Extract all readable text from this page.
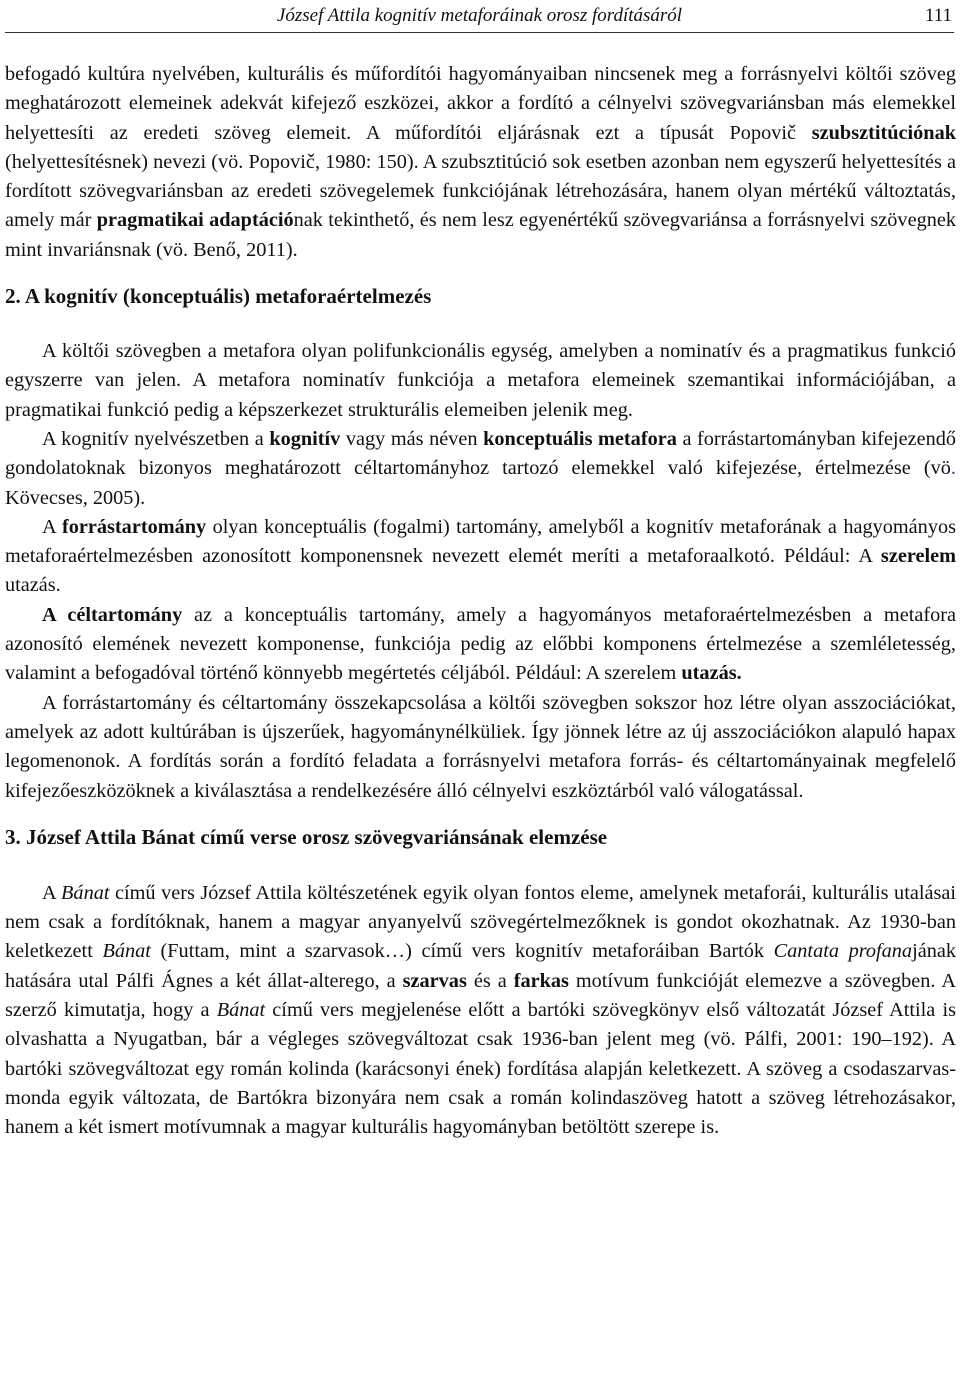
József Attila kognitív metaforáinak orosz fordításáról	111

befogadó kultúra nyelvében, kulturális és műfordítói hagyományaiban nincsenek meg a forrásnyelvi költői szöveg meghatározott elemeinek adekvát kifejező eszközei, akkor a fordító a célnyelvi szövegvariánsban más elemekkel helyettesíti az eredeti szöveg elemeit. A műfordítói eljárásnak ezt a típusát Popovič szubsztitúciónak (helyettesítésnek) nevezi (vö. Popovič, 1980: 150). A szubsztitúció sok esetben azonban nem egyszerű helyettesítés a fordított szövegvariánsban az eredeti szövegelemek funkciójának létrehozására, hanem olyan mértékű változtatás, amely már pragmatikai adaptációnak tekinthető, és nem lesz egyenértékű szövegvariánsa a forrásnyelvi szövegnek mint invariánsnak (vö. Benő, 2011).

2. A kognitív (konceptuális) metaforaértelmezés

A költői szövegben a metafora olyan polifunkcionális egység, amelyben a nominatív és a pragmatikus funkció egyszerre van jelen. A metafora nominatív funkciója a metafora elemeinek szemantikai információjában, a pragmatikai funkció pedig a képszerkezet strukturális elemeiben jelenik meg.

A kognitív nyelvészetben a kognitív vagy más néven konceptuális metafora a forrástartományban kifejezendő gondolatoknak bizonyos meghatározott céltartományhoz tartozó elemekkel való kifejezése, értelmezése (vö. Kövecses, 2005).

A forrástartomány olyan konceptuális (fogalmi) tartomány, amelyből a kognitív metaforának a hagyományos metaforaértelmezésben azonosított komponensnek nevezett elemét meríti a metaforaalkotó. Például: A szerelem utazás.

A céltartomány az a konceptuális tartomány, amely a hagyományos metaforaértelmezésben a metafora azonosító elemének nevezett komponense, funkciója pedig az előbbi komponens értelmezése a szemléletesség, valamint a befogadóval történő könnyebb megértetés céljából. Például: A szerelem utazás.

A forrástartomány és céltartomány összekapcsolása a költői szövegben sokszor hoz létre olyan asszociációkat, amelyek az adott kultúrában is újszerűek, hagyománynélküliek. Így jönnek létre az új asszociációkon alapuló hapax legomenonok. A fordítás során a fordító feladata a forrásnyelvi metafora forrás- és céltartományainak megfelelő kifejezőeszközöknek a kiválasztása a rendelkezésére álló célnyelvi eszköztárból való válogatással.

3. József Attila Bánat című verse orosz szövegvariánsának elemzése

A Bánat című vers József Attila költészetének egyik olyan fontos eleme, amelynek metaforái, kulturális utalásai nem csak a fordítóknak, hanem a magyar anyanyelvű szövegértelmezőknek is gondot okozhatnak. Az 1930-ban keletkezett Bánat (Futtam, mint a szarvasok…) című vers kognitív metaforáiban Bartók Cantata profanajának hatására utal Pálfi Ágnes a két állat-alterego, a szarvas és a farkas motívum funkcióját elemezve a szövegben. A szerző kimutatja, hogy a Bánat című vers megjelenése előtt a bartóki szövegkönyv első változatát József Attila is olvashatta a Nyugatban, bár a végleges szövegváltozat csak 1936-ban jelent meg (vö. Pálfi, 2001: 190–192). A bartóki szövegváltozat egy román kolinda (karácsonyi ének) fordítása alapján keletkezett. A szöveg a csodaszarvas-monda egyik változata, de Bartókra bizonyára nem csak a román kolindaszöveg hatott a szöveg létrehozásakor, hanem a két ismert motívumnak a magyar kulturális hagyományban betöltött szerepe is.
